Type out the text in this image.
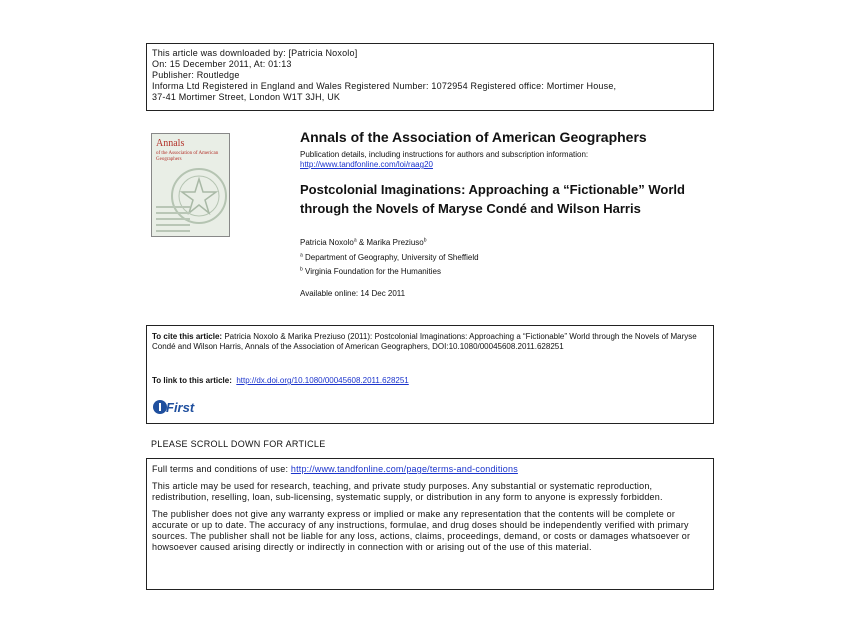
This article was downloaded by: [Patricia Noxolo]
On: 15 December 2011, At: 01:13
Publisher: Routledge
Informa Ltd Registered in England and Wales Registered Number: 1072954 Registered office: Mortimer House,
37-41 Mortimer Street, London W1T 3JH, UK
Annals
of the Association of American Geographers
Annals of the Association of American Geographers
Publication details, including instructions for authors and subscription information:
http://www.tandfonline.com/loi/raag20
Postcolonial Imaginations: Approaching a “Fictionable” World through the Novels of Maryse Condé and Wilson Harris
Patricia Noxolo$^a$ & Marika Preziuso$^b$
$^a$ Department of Geography, University of Sheffield
$^b$ Virginia Foundation for the Humanities
Available online: 14 Dec 2011
To cite this article: Patricia Noxolo & Marika Preziuso (2011): Postcolonial Imaginations: Approaching a “Fictionable” World through the Novels of Maryse Condé and Wilson Harris, Annals of the Association of American Geographers, DOI:10.1080/00045608.2011.628251
To link to this article: http://dx.doi.org/10.1080/00045608.2011.628251
First
PLEASE SCROLL DOWN FOR ARTICLE
Full terms and conditions of use: http://www.tandfonline.com/page/terms-and-conditions
This article may be used for research, teaching, and private study purposes. Any substantial or systematic reproduction, redistribution, reselling, loan, sub-licensing, systematic supply, or distribution in any form to anyone is expressly forbidden.
The publisher does not give any warranty express or implied or make any representation that the contents will be complete or accurate or up to date. The accuracy of any instructions, formulae, and drug doses should be independently verified with primary sources. The publisher shall not be liable for any loss, actions, claims, proceedings, demand, or costs or damages whatsoever or howsoever caused arising directly or indirectly in connection with or arising out of the use of this material.
